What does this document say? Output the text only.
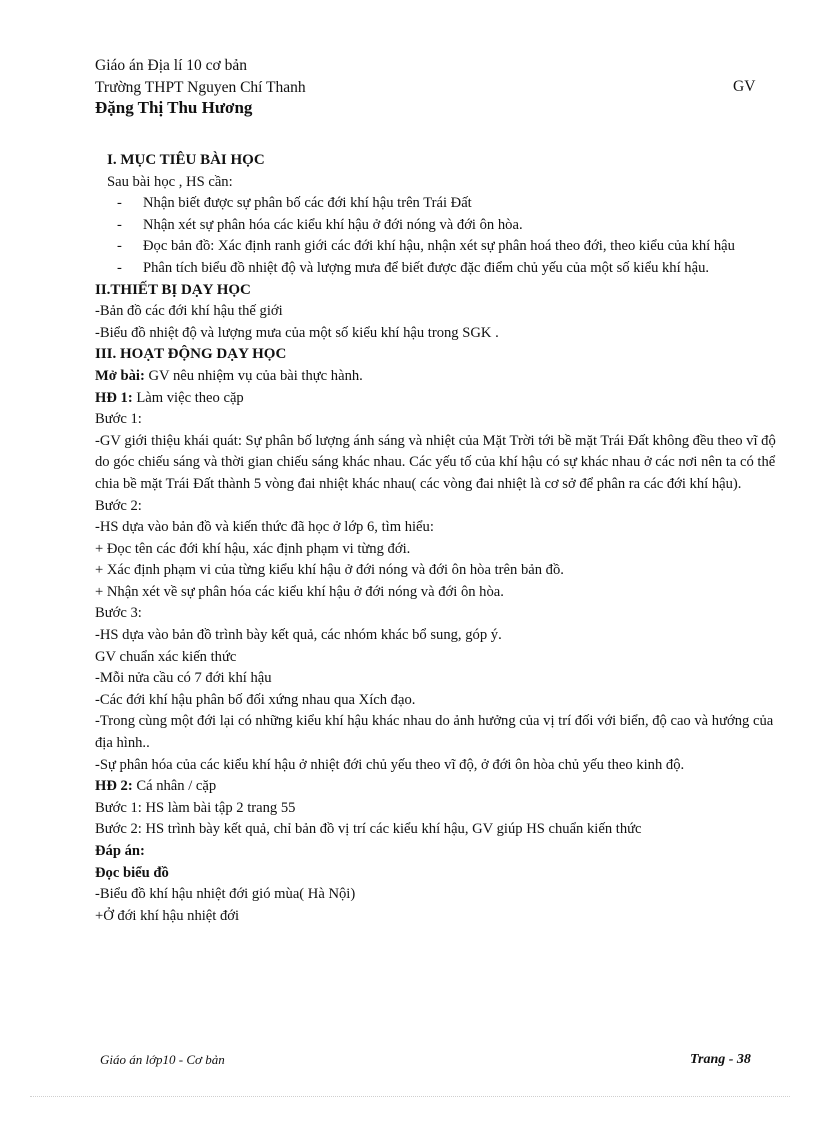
Giáo án Địa lí 10 cơ bản
Trường THPT Nguyen Chí Thanh	GV
Đặng Thị Thu Hương

I. MỤC TIÊU BÀI HỌC

Sau bài học , HS cần:

- Nhận biết được sự phân bố các đới khí hậu trên Trái Đất
- Nhận xét sự phân hóa các kiểu khí hậu ở đới nóng và đới ôn hòa.
- Đọc bản đồ: Xác định ranh giới các đới khí hậu, nhận xét sự phân hoá theo đới, theo kiểu của khí hậu
- Phân tích biểu đồ nhiệt độ và lượng mưa để biết được đặc điểm chủ yếu của một số kiểu khí hậu.

II.THIẾT BỊ DẠY HỌC

-Bản đồ các đới khí hậu thế giới

-Biểu đồ nhiệt độ và lượng mưa của một số kiểu khí hậu trong SGK .

III. HOẠT ĐỘNG DẠY HỌC

Mở bài: GV nêu nhiệm vụ của bài thực hành.

HĐ 1: Làm việc theo cặp

Bước 1:

-GV giới thiệu khái quát: Sự phân bố lượng ánh sáng và nhiệt của Mặt Trời tới bề mặt Trái Đất không đều theo vĩ độ do góc chiếu sáng và thời gian chiếu sáng khác nhau. Các yếu tố của khí hậu có sự khác nhau ở các nơi nên ta có thể chia bề mặt Trái Đất thành 5 vòng đai nhiệt khác nhau( các vòng đai nhiệt là cơ sở để phân ra các đới khí hậu).

Bước 2:

-HS dựa vào bản đồ và kiến thức đã học ở lớp 6, tìm hiểu:

+ Đọc tên các đới khí hậu, xác định phạm vi từng đới.

+ Xác định phạm vi của từng kiểu khí hậu ở đới nóng và đới ôn hòa trên bản đồ.

+ Nhận xét về sự phân hóa các kiểu khí hậu ở đới nóng và đới ôn hòa.

Bước 3:

-HS dựa vào bản đồ trình bày kết quả, các nhóm khác bổ sung, góp ý.

GV chuẩn xác kiến thức

-Mỗi nửa cầu có 7 đới khí hậu

-Các đới khí hậu phân bố đối xứng nhau qua Xích đạo.

-Trong cùng một đới lại có những kiểu khí hậu khác nhau do ảnh hưởng của vị trí đối với biển, độ cao và hướng của địa hình..

-Sự phân hóa của các kiểu khí hậu ở nhiệt đới chủ yếu theo vĩ độ, ở đới ôn hòa chủ yếu theo kinh độ.

HĐ 2: Cá nhân / cặp

Bước 1: HS làm bài tập 2 trang 55

Bước 2: HS trình bày kết quả, chỉ bản đồ vị trí các kiểu khí hậu, GV giúp HS chuẩn kiến thức

Đáp án:

Đọc biểu đồ

-Biểu đồ khí hậu nhiệt đới gió mùa( Hà Nội)

+Ở đới khí hậu nhiệt đới

Giáo án lớp10 - Cơ bản	Trang - 38
